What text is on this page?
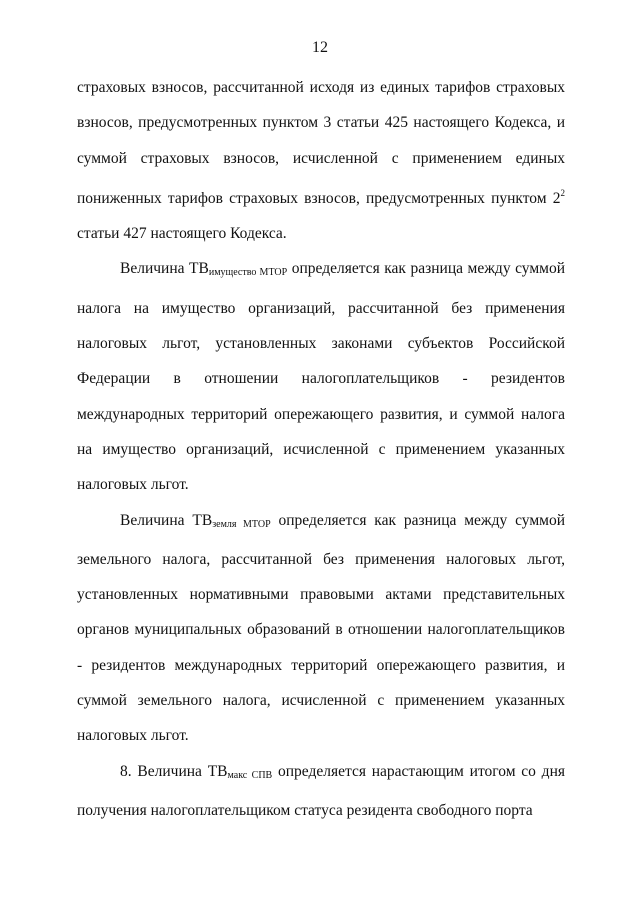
12

страховых взносов, рассчитанной исходя из единых тарифов страховых взносов, предусмотренных пунктом 3 статьи 425 настоящего Кодекса, и суммой страховых взносов, исчисленной с применением единых пониженных тарифов страховых взносов, предусмотренных пунктом $2^2$ статьи 427 настоящего Кодекса.

Величина $ТВ_{имущество МТОР}$ определяется как разница между суммой налога на имущество организаций, рассчитанной без применения налоговых льгот, установленных законами субъектов Российской Федерации в отношении налогоплательщиков - резидентов международных территорий опережающего развития, и суммой налога на имущество организаций, исчисленной с применением указанных налоговых льгот.

Величина $ТВ_{земля МТОР}$ определяется как разница между суммой земельного налога, рассчитанной без применения налоговых льгот, установленных нормативными правовыми актами представительных органов муниципальных образований в отношении налогоплательщиков - резидентов международных территорий опережающего развития, и суммой земельного налога, исчисленной с применением указанных налоговых льгот.

8. Величина $ТВ_{макс СПВ}$ определяется нарастающим итогом со дня получения налогоплательщиком статуса резидента свободного порта
